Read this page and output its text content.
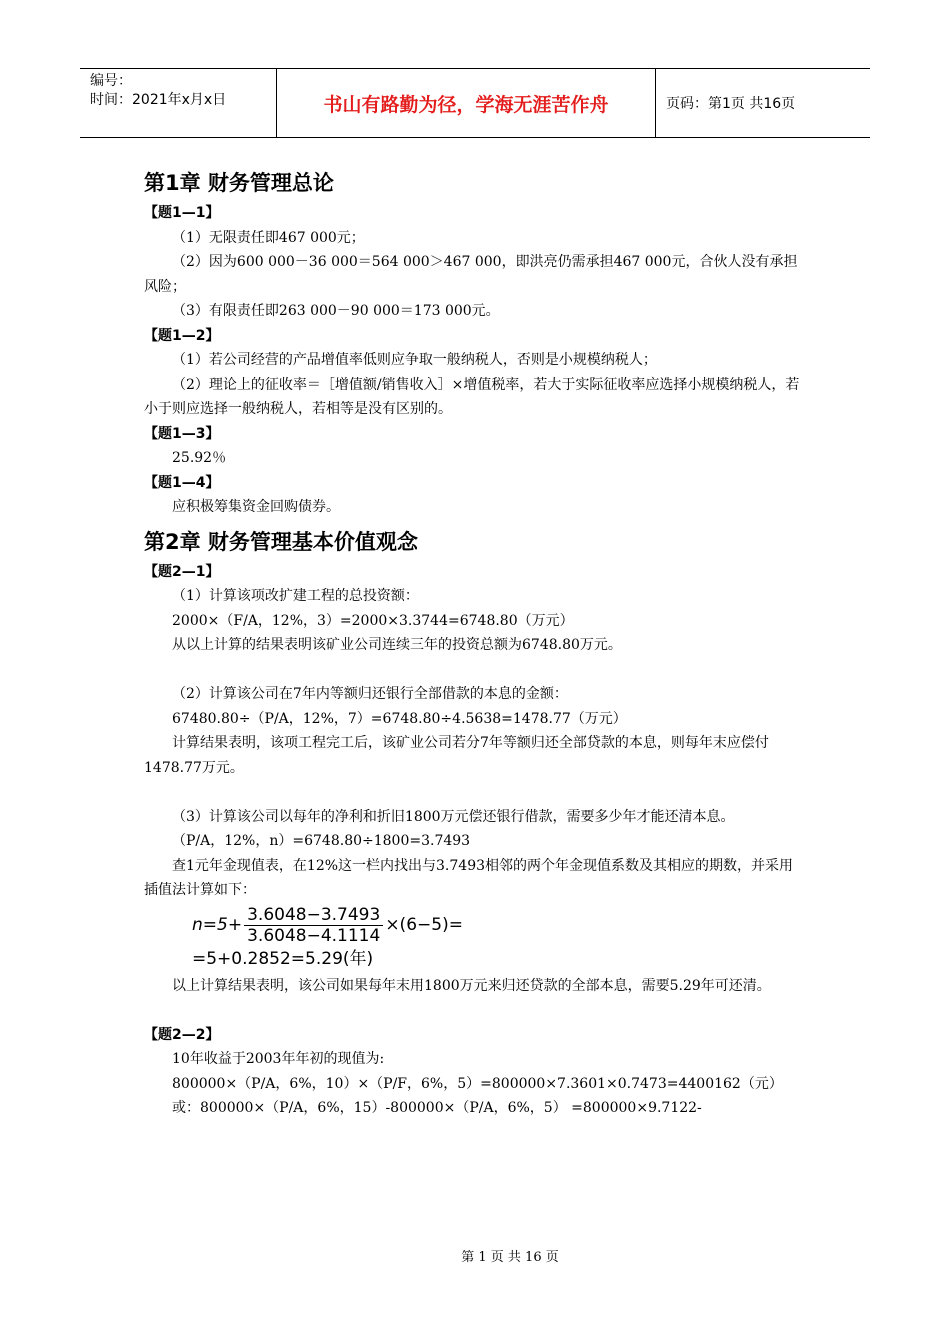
编号：
时间：2021年x月x日	书山有路勤为径，学海无涯苦作舟	页码：第1页 共16页
第1章 财务管理总论

【题1—1】

（1）无限责任即467 000元；

（2）因为600 000－36 000＝564 000＞467 000，即洪亮仍需承担467 000元，合伙人没有承担风险；

（3）有限责任即263 000－90 000＝173 000元。

【题1—2】

（1）若公司经营的产品增值率低则应争取一般纳税人，否则是小规模纳税人；

（2）理论上的征收率＝［增值额/销售收入］×增值税率，若大于实际征收率应选择小规模纳税人，若小于则应选择一般纳税人，若相等是没有区别的。

【题1—3】

25.92％

【题1—4】

应积极筹集资金回购债券。

第2章 财务管理基本价值观念

【题2—1】

（1）计算该项改扩建工程的总投资额：

2000×（F/A，12%，3）=2000×3.3744=6748.80（万元）

从以上计算的结果表明该矿业公司连续三年的投资总额为6748.80万元。

（2）计算该公司在7年内等额归还银行全部借款的本息的金额：

67480.80÷（P/A，12%，7）=6748.80÷4.5638=1478.77（万元）

计算结果表明，该项工程完工后，该矿业公司若分7年等额归还全部贷款的本息，则每年末应偿付1478.77万元。

（3）计算该公司以每年的净利和折旧1800万元偿还银行借款，需要多少年才能还清本息。

（P/A，12%，n）=6748.80÷1800=3.7493

查1元年金现值表，在12%这一栏内找出与3.7493相邻的两个年金现值系数及其相应的期数，并采用插值法计算如下：

$n=5+ \frac{3.6048-3.7493}{3.6048-4.1114} \times(6-5)=$
=5+0.2852=5.29(年)

以上计算结果表明，该公司如果每年末用1800万元来归还贷款的全部本息，需要5.29年可还清。

【题2—2】

10年收益于2003年年初的现值为:

800000×（P/A，6%，10）×（P/F，6%，5）=800000×7.3601×0.7473=4400162（元）

或：800000×（P/A，6%，15）-800000×（P/A，6%，5） =800000×9.7122-

第 1 页 共 16 页
